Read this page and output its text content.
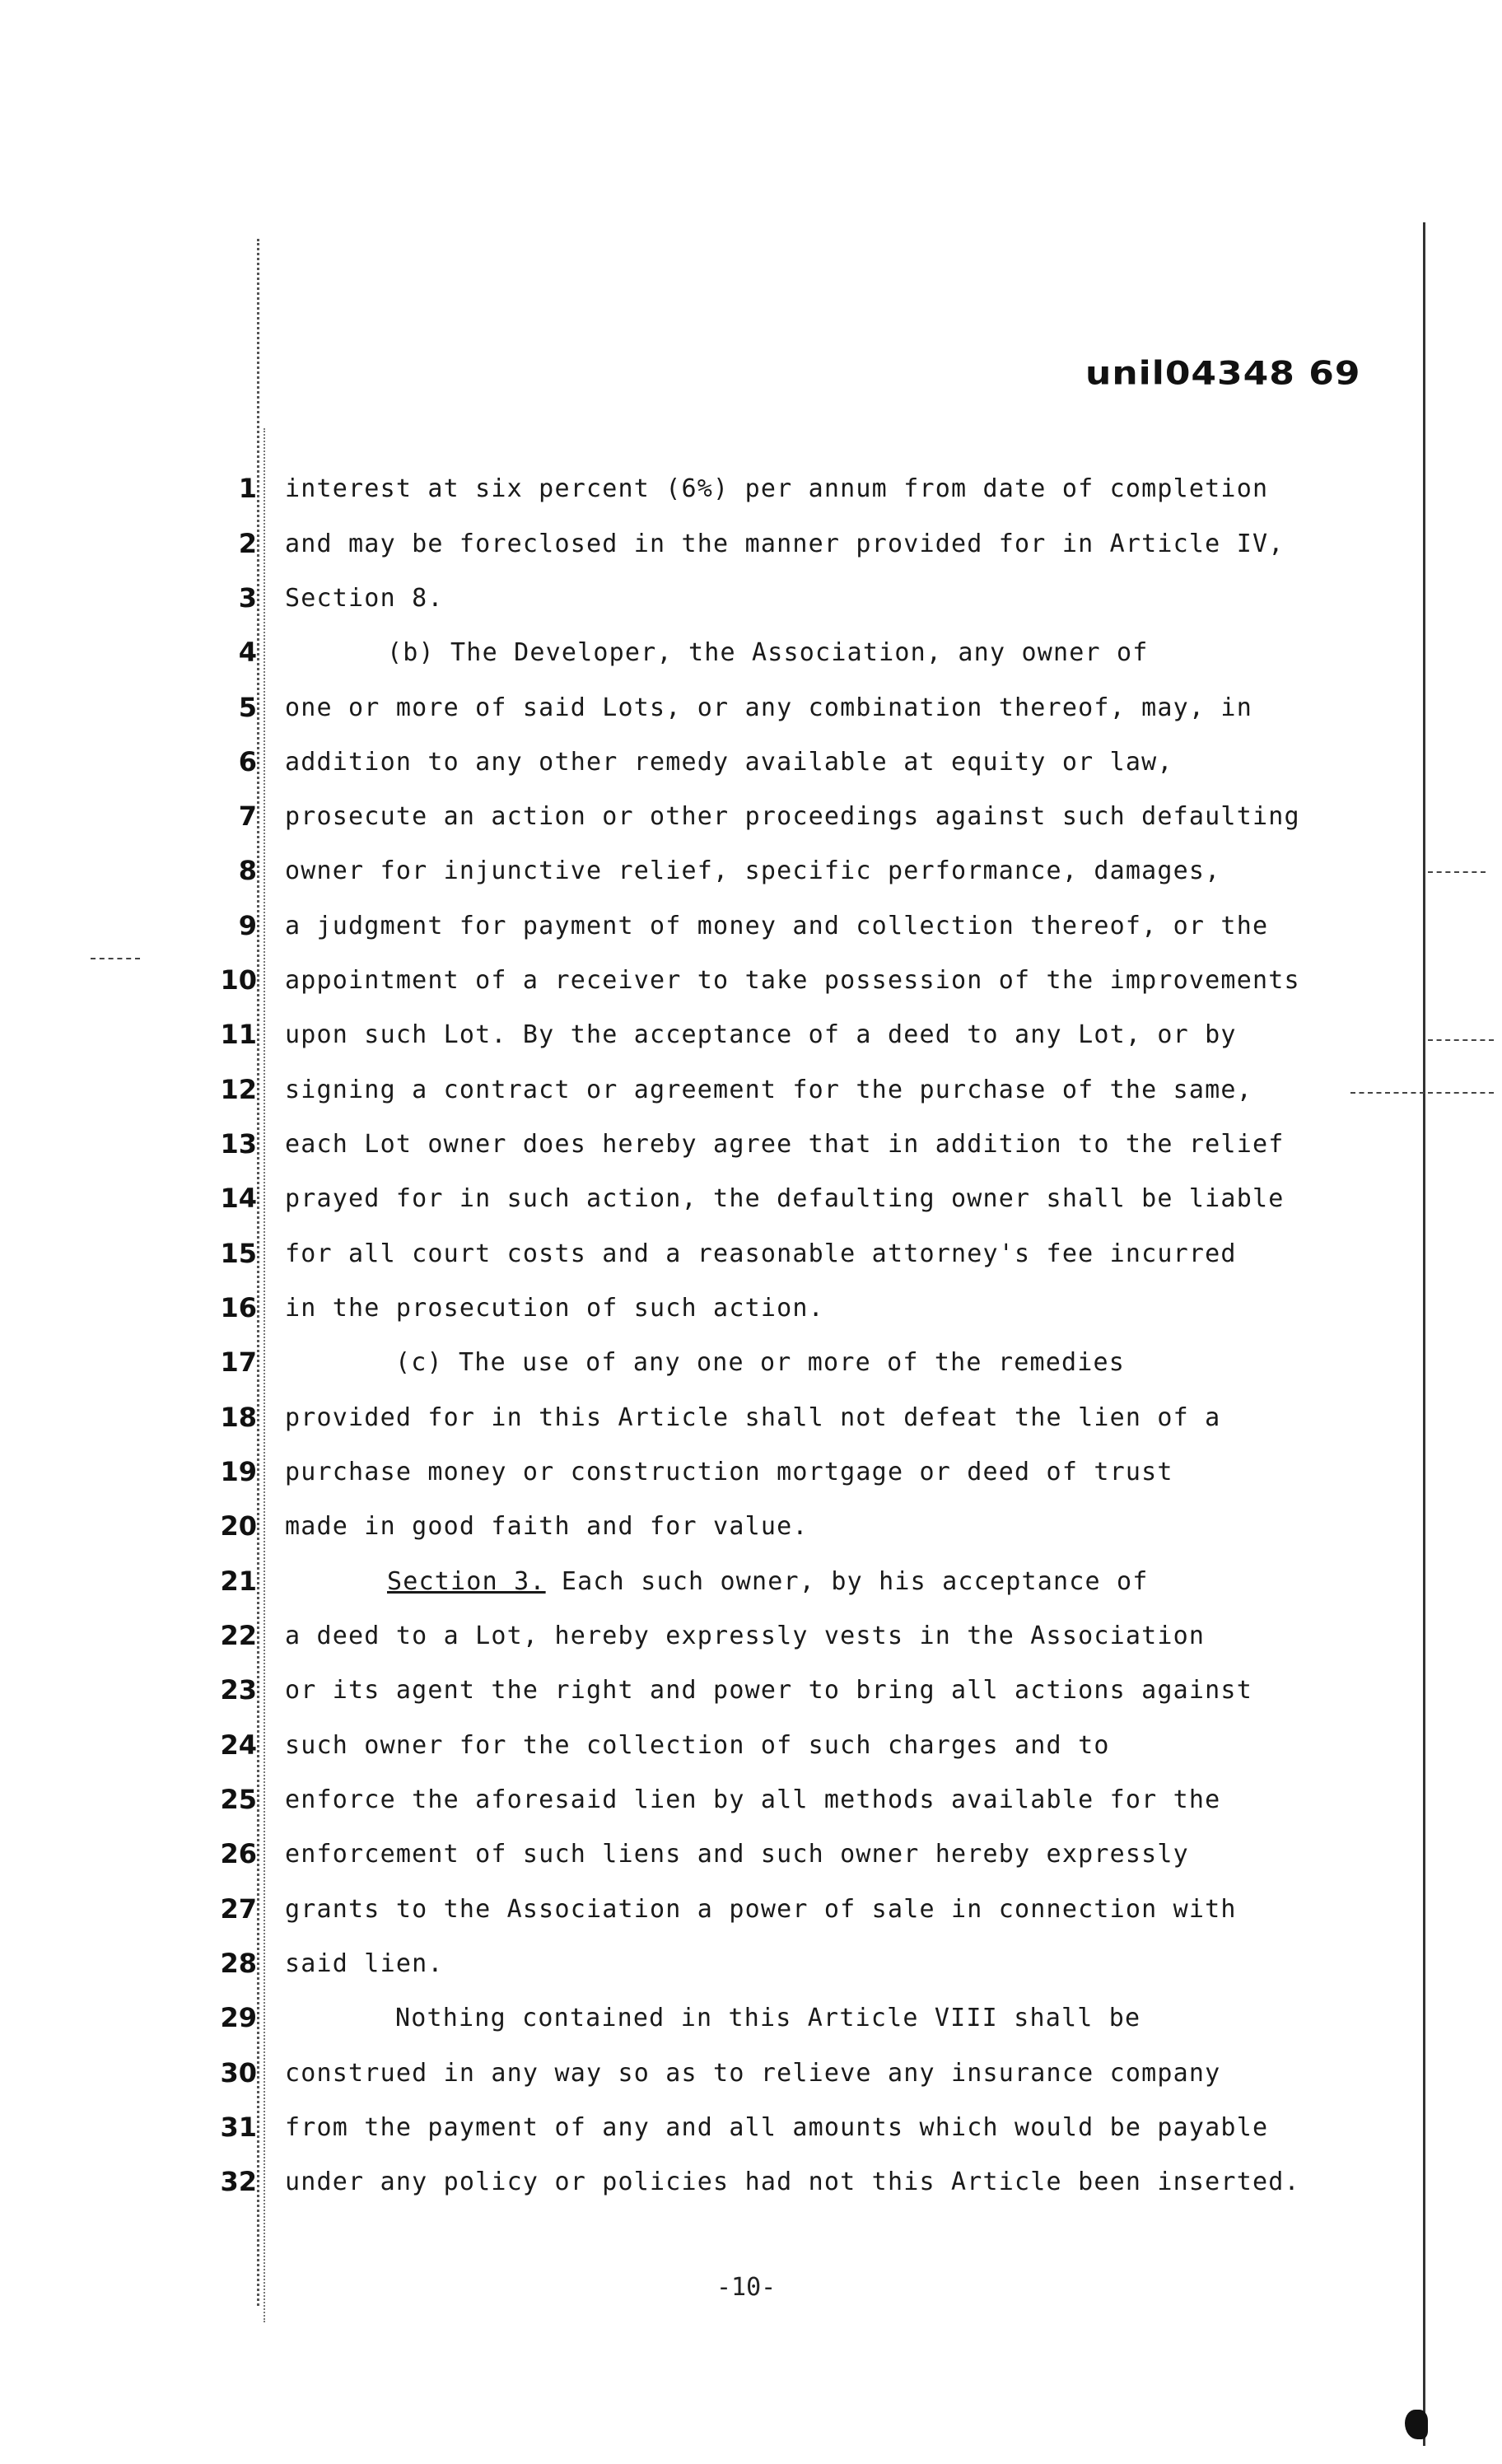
unil04348 69
1
2
3
4
5
6
7
8
9
10
11
12
13
14
15
16
17
18
19
20
21
22
23
24
25
26
27
28
29
30
31
32
interest at six percent (6%) per annum from date of completion
and may be foreclosed in the manner provided for in Article IV,
Section 8.
(b) The Developer, the Association, any owner of
one or more of said Lots, or any combination thereof, may, in
addition to any other remedy available at equity or law,
prosecute an action or other proceedings against such defaulting
owner for injunctive relief, specific performance, damages,
a judgment for payment of money and collection thereof, or the
appointment of a receiver to take possession of the improvements
upon such Lot. By the acceptance of a deed to any Lot, or by
signing a contract or agreement for the purchase of the same,
each Lot owner does hereby agree that in addition to the relief
prayed for in such action, the defaulting owner shall be liable
for all court costs and a reasonable attorney's fee incurred
in the prosecution of such action.
(c) The use of any one or more of the remedies
provided for in this Article shall not defeat the lien of a
purchase money or construction mortgage or deed of trust
made in good faith and for value.
Section 3. Each such owner, by his acceptance of
a deed to a Lot, hereby expressly vests in the Association
or its agent the right and power to bring all actions against
such owner for the collection of such charges and to
enforce the aforesaid lien by all methods available for the
enforcement of such liens and such owner hereby expressly
grants to the Association a power of sale in connection with
said lien.
Nothing contained in this Article VIII shall be
construed in any way so as to relieve any insurance company
from the payment of any and all amounts which would be payable
under any policy or policies had not this Article been inserted.
-10-
